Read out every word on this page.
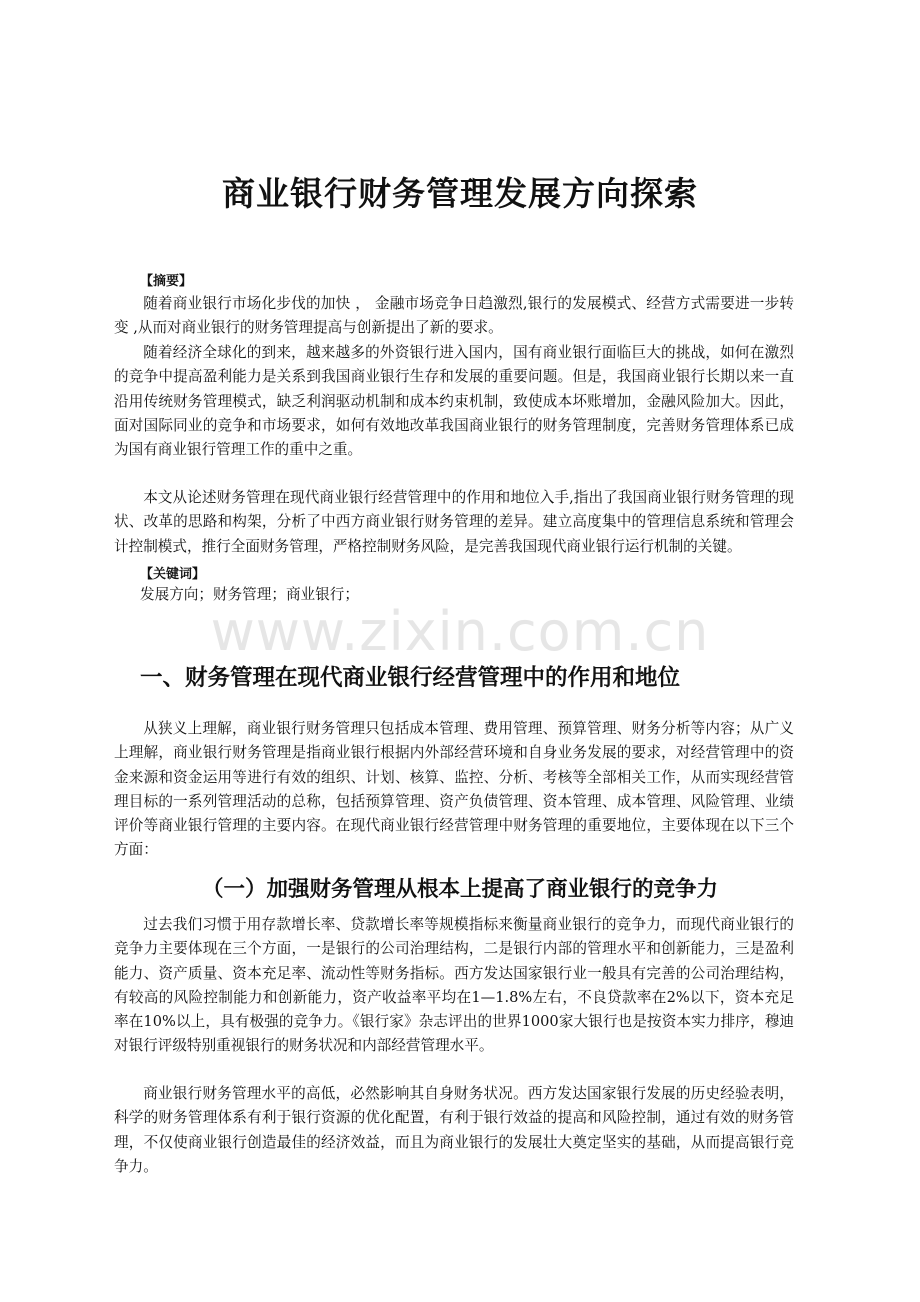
www.zixin.com.cn
商业银行财务管理发展方向探索
【摘要】

随着商业银行市场化步伐的加快 ， 金融市场竞争日趋激烈,银行的发展模式、经营方式需要进一步转变 ,从而对商业银行的财务管理提高与创新提出了新的要求。

随着经济全球化的到来，越来越多的外资银行进入国内，国有商业银行面临巨大的挑战，如何在激烈的竞争中提高盈利能力是关系到我国商业银行生存和发展的重要问题。但是，我国商业银行长期以来一直沿用传统财务管理模式，缺乏利润驱动机制和成本约束机制，致使成本坏账增加，金融风险加大。因此，面对国际同业的竞争和市场要求，如何有效地改革我国商业银行的财务管理制度，完善财务管理体系已成为国有商业银行管理工作的重中之重。

本文从论述财务管理在现代商业银行经营管理中的作用和地位入手,指出了我国商业银行财务管理的现状、改革的思路和构架，分析了中西方商业银行财务管理的差异。建立高度集中的管理信息系统和管理会计控制模式，推行全面财务管理，严格控制财务风险，是完善我国现代商业银行运行机制的关键。

【关键词】
发展方向；财务管理；商业银行；
一、财务管理在现代商业银行经营管理中的作用和地位

从狭义上理解，商业银行财务管理只包括成本管理、费用管理、预算管理、财务分析等内容；从广义上理解，商业银行财务管理是指商业银行根据内外部经营环境和自身业务发展的要求，对经营管理中的资金来源和资金运用等进行有效的组织、计划、核算、监控、分析、考核等全部相关工作，从而实现经营管理目标的一系列管理活动的总称，包括预算管理、资产负债管理、资本管理、成本管理、风险管理、业绩评价等商业银行管理的主要内容。在现代商业银行经营管理中财务管理的重要地位，主要体现在以下三个方面：

（一）加强财务管理从根本上提高了商业银行的竞争力

过去我们习惯于用存款增长率、贷款增长率等规模指标来衡量商业银行的竞争力，而现代商业银行的竞争力主要体现在三个方面，一是银行的公司治理结构，二是银行内部的管理水平和创新能力，三是盈利能力、资产质量、资本充足率、流动性等财务指标。西方发达国家银行业一般具有完善的公司治理结构，有较高的风险控制能力和创新能力，资产收益率平均在1—1.8%左右，不良贷款率在2%以下，资本充足率在10%以上，具有极强的竞争力。《银行家》杂志评出的世界1000家大银行也是按资本实力排序，穆迪对银行评级特别重视银行的财务状况和内部经营管理水平。

商业银行财务管理水平的高低，必然影响其自身财务状况。西方发达国家银行发展的历史经验表明，科学的财务管理体系有利于银行资源的优化配置，有利于银行效益的提高和风险控制，通过有效的财务管理，不仅使商业银行创造最佳的经济效益，而且为商业银行的发展壮大奠定坚实的基础，从而提高银行竞争力。
